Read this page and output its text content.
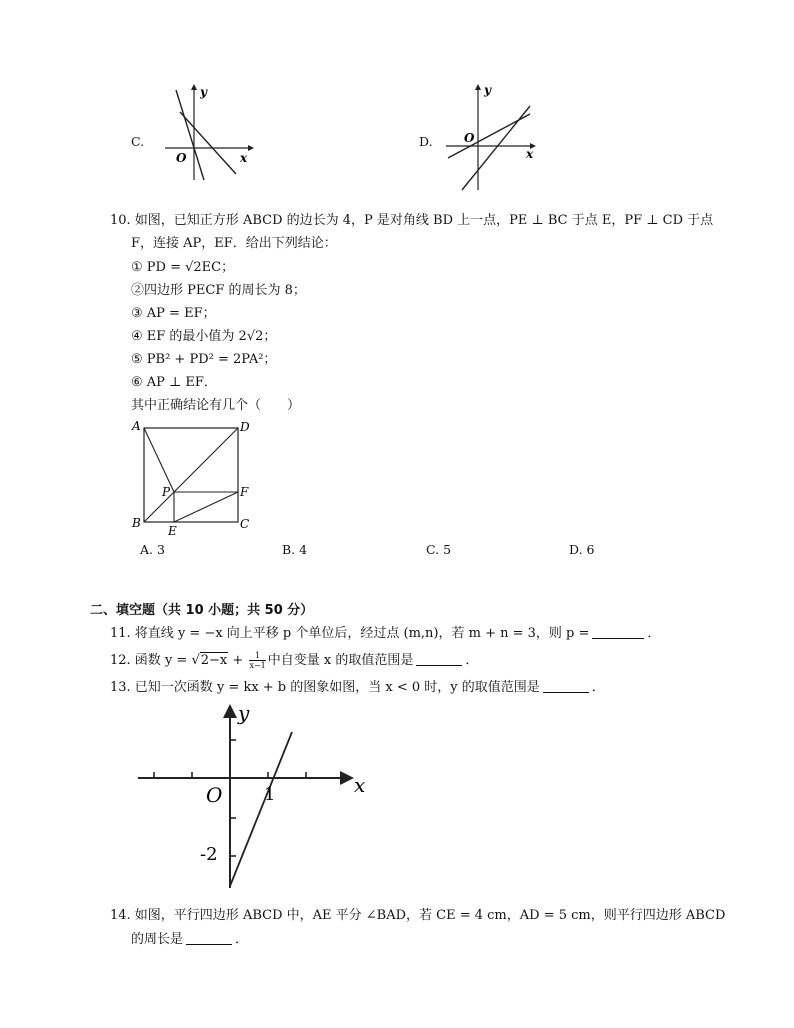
C.
y
x
O
D.
y
x
O
10. 如图，已知正方形 ABCD 的边长为 4，P 是对角线 BD 上一点，PE ⊥ BC 于点 E，PF ⊥ CD 于点
F，连接 AP，EF．给出下列结论：
① PD = √2EC；
②四边形 PECF 的周长为 8；
③ AP = EF；
④ EF 的最小值为 2√2；
⑤ PB² + PD² = 2PA²；
⑥ AP ⊥ EF．
其中正确结论有几个（　　）
A	D
B	C
E
F
P
A. 3	B. 4	C. 5	D. 6
二、填空题（共 10 小题；共 50 分）
11. 将直线 y = −x 向上平移 p 个单位后，经过点 (m,n)，若 m + n = 3，则 p =	．
12. 函数 $y = √2-x + \frac{1}{x-1}$ 中自变量 x 的取值范围是	．
13. 已知一次函数 y = kx + b 的图象如图，当 x < 0 时，y 的取值范围是	．
y
x
O 1
-2
14. 如图，平行四边形 ABCD 中，AE 平分 ∠BAD，若 CE = 4 cm，AD = 5 cm，则平行四边形 ABCD
的周长是	．
